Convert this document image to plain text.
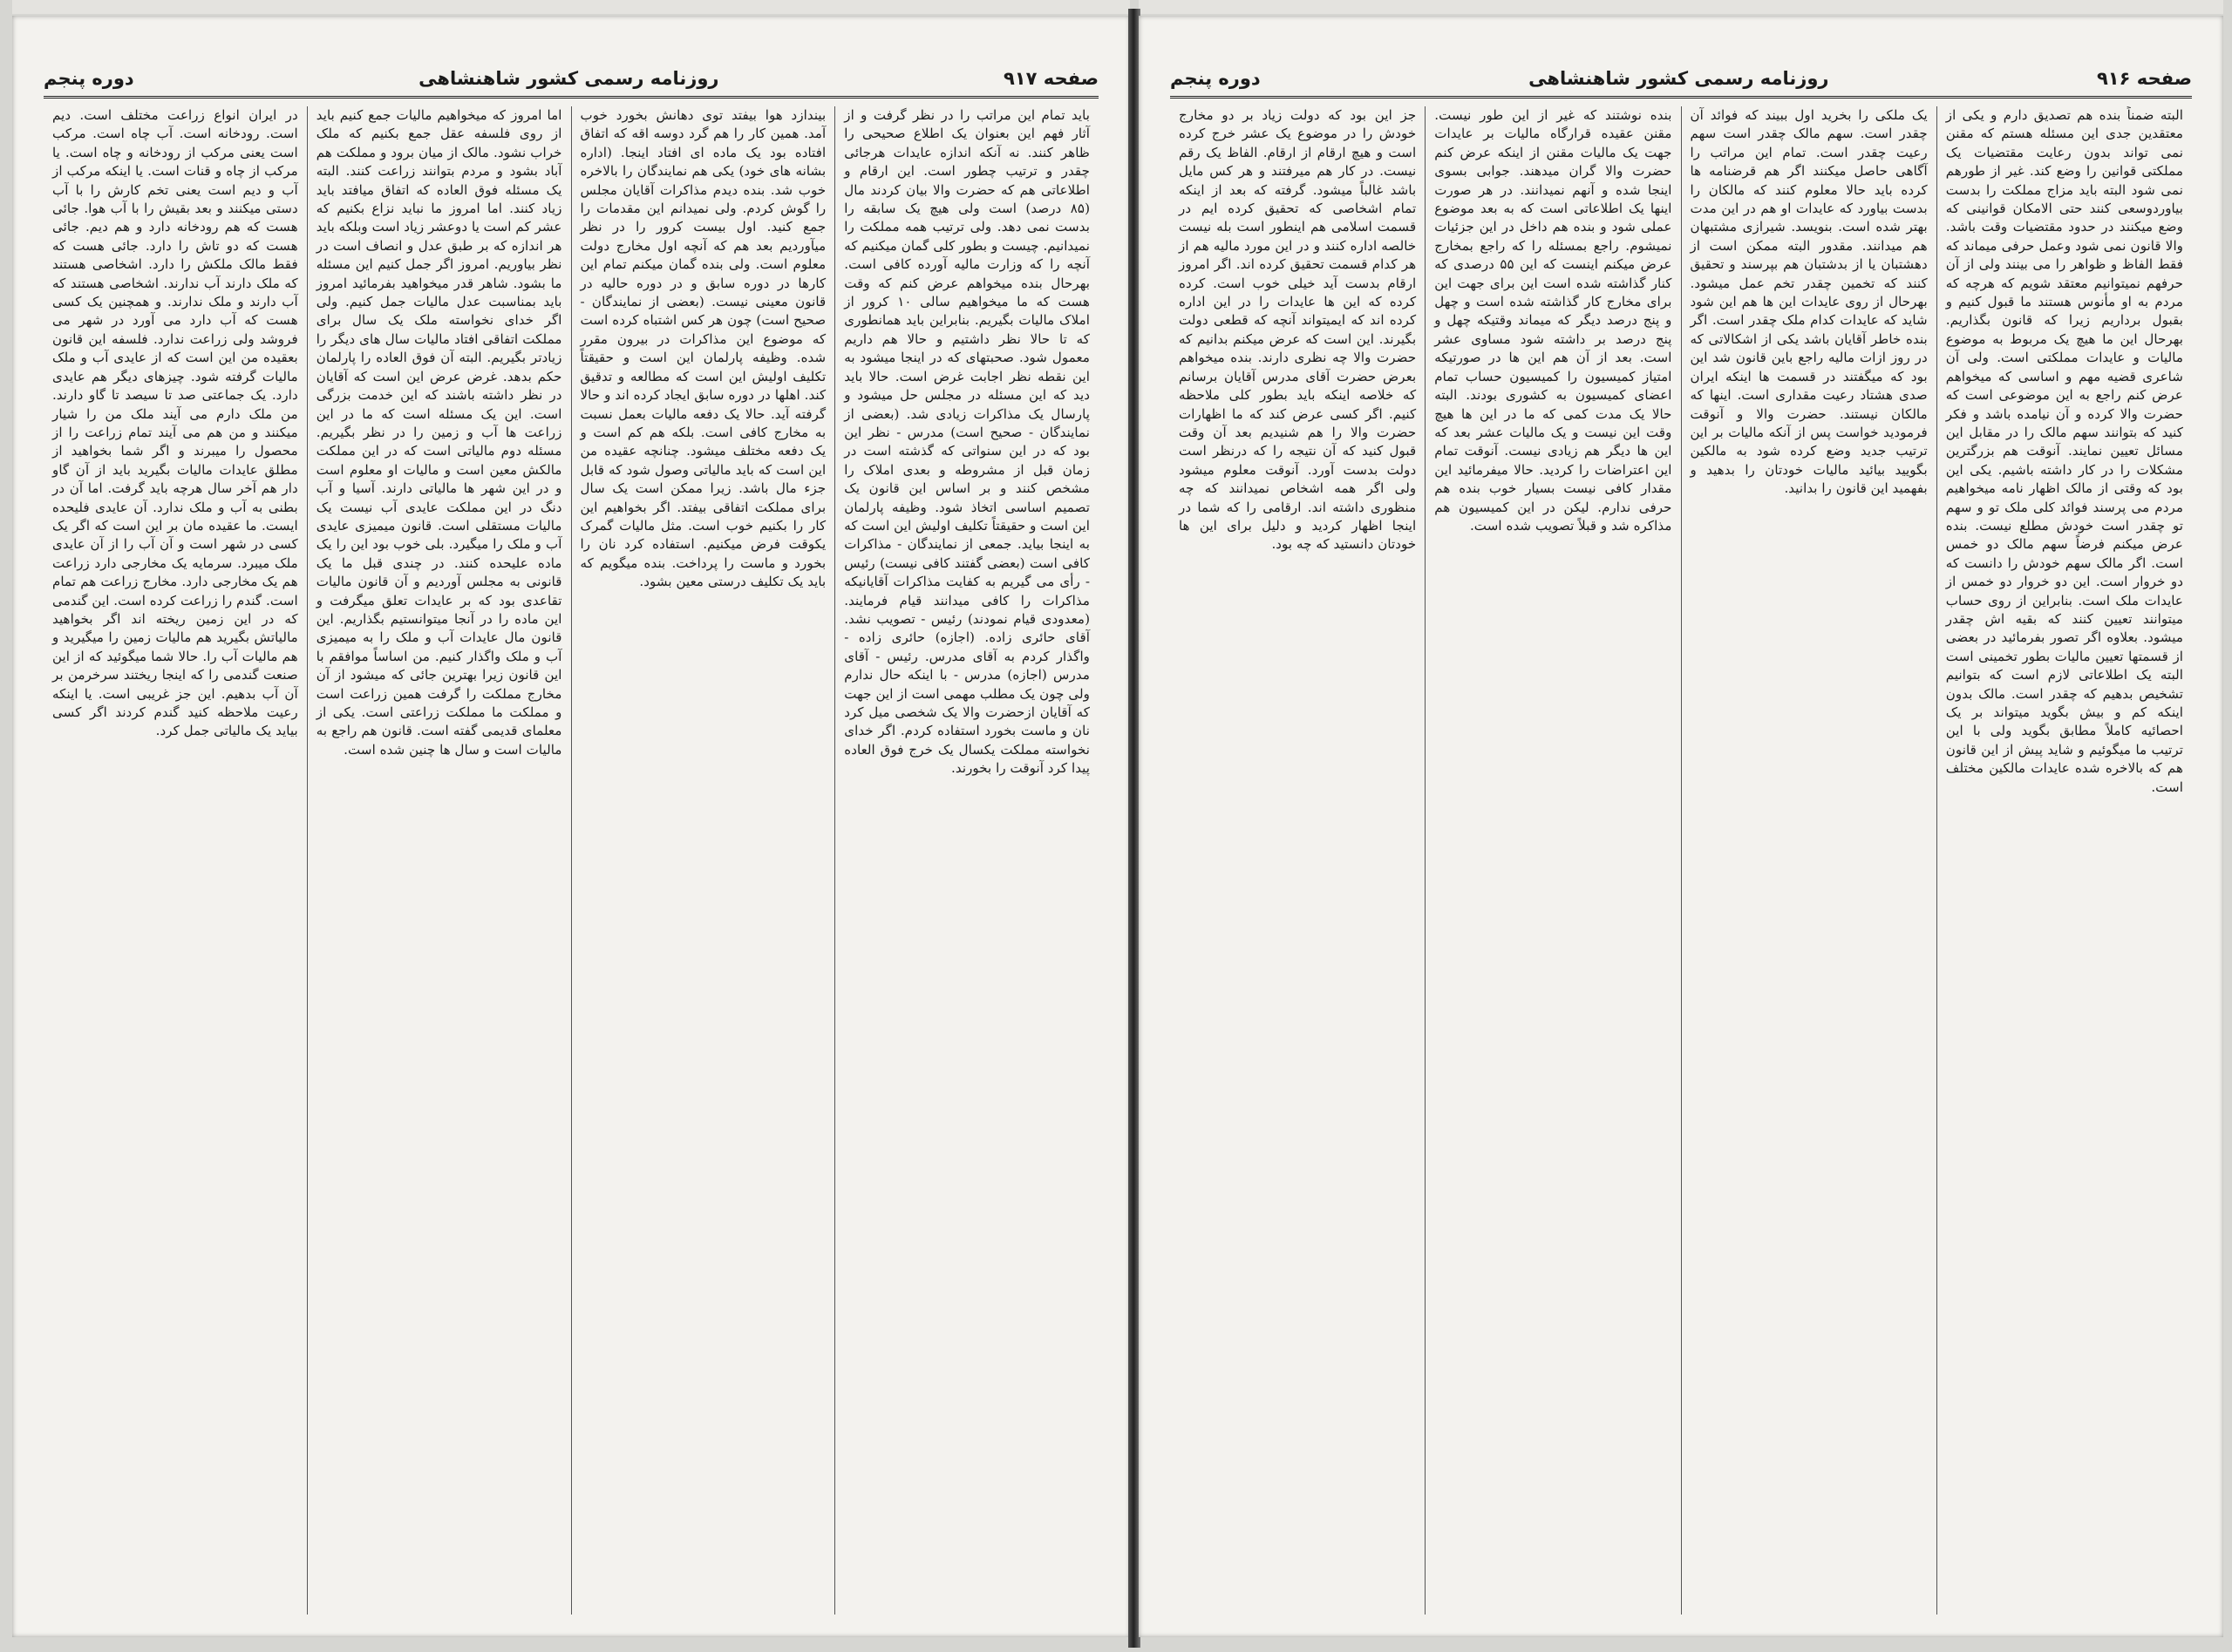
صفحه ۹۱۷
روزنامه رسمی کشور شاهنشاهی
دوره پنجم

باید تمام این مراتب را در نظر گرفت و از آثار فهم این بعنوان یک اطلاع صحیحی را ظاهر کنند. نه آنکه اندازه عایدات هرجائی چقدر و ترتیب چطور است. این ارقام و اطلاعاتی هم که حضرت والا بیان کردند مال (۸۵ درصد) است ولی هیچ یک سابقه را بدست نمی دهد. ولی ترتیب همه مملکت را نمیدانیم. چیست و بطور کلی گمان میکنیم که آنچه را که وزارت مالیه آورده کافی است. بهرحال بنده میخواهم عرض کنم که وقت هست که ما میخواهیم سالی ۱۰ کرور از املاک مالیات بگیریم. بنابراین باید همانطوری که تا حالا نظر داشتیم و حالا هم داریم معمول شود. صحبتهای که در اینجا میشود به این نقطه نظر اجابت غرض است. حالا باید دید که این مسئله در مجلس حل میشود و پارسال یک مذاکرات زیادی شد. (بعضی از نمایندگان - صحیح است) مدرس - نظر این بود که در این سنواتی که گذشته است در زمان قبل از مشروطه و بعدی املاک را مشخص کنند و بر اساس این قانون یک تصمیم اساسی اتخاذ شود. وظیفه پارلمان این است و حقیقتاً تکلیف اولیش این است که به اینجا بیاید. جمعی از نمایندگان - مذاکرات کافی است (بعضی گفتند کافی نیست) رئیس - رأی می گیریم به کفایت مذاکرات آقایانیکه مذاکرات را کافی میدانند قیام فرمایند. (معدودی قیام نمودند) رئیس - تصویب نشد. آقای حائری زاده. (اجازه) حائری زاده - واگذار کردم به آقای مدرس. رئیس - آقای مدرس (اجازه) مدرس - با اینکه حال ندارم ولی چون یک مطلب مهمی است از این جهت که آقایان ازحضرت والا یک شخصی میل کرد نان و ماست بخورد استفاده کردم. اگر خدای نخواسته مملکت یکسال یک خرج فوق العاده پیدا کرد آنوقت را بخورند.

بیندازد هوا بیفتد توی دهانش بخورد خوب آمد. همین کار را هم گرد دوسه اقه که اتفاق افتاده بود یک ماده ای افتاد اینجا. (اداره بشانه های خود) یکی هم نمایندگان را بالاخره خوب شد. بنده دیدم مذاکرات آقایان مجلس را گوش کردم. ولی نمیدانم این مقدمات را جمع کنید. اول بیست کرور را در نظر میآوردیم بعد هم که آنچه اول مخارج دولت معلوم است. ولی بنده گمان میکنم تمام این کارها در دوره سابق و در دوره حالیه در قانون معینی نیست. (بعضی از نمایندگان - صحیح است) چون هر کس اشتباه کرده است که موضوع این مذاکرات در بیرون مقرر شده. وظیفه پارلمان این است و حقیقتاً تکلیف اولیش این است که مطالعه و تدقیق کند. اهلها در دوره سابق ایجاد کرده اند و حالا گرفته آید. حالا یک دفعه مالیات بعمل نسبت به مخارج کافی است. بلکه هم کم است و یک دفعه مختلف میشود. چنانچه عقیده من این است که باید مالیاتی وصول شود که قابل جزء مال باشد. زیرا ممکن است یک سال برای مملکت اتفاقی بیفتد. اگر بخواهیم این کار را بکنیم خوب است. مثل مالیات گمرک یکوقت فرض میکنیم. استفاده کرد نان را بخورد و ماست را پرداخت. بنده میگویم که باید یک تکلیف درستی معین بشود.

اما امروز که میخواهیم مالیات جمع کنیم باید از روی فلسفه عقل جمع بکنیم که ملک خراب نشود. مالک از میان برود و مملکت هم آباد بشود و مردم بتوانند زراعت کنند. البته یک مسئله فوق العاده که اتفاق میافتد باید زیاد کنند. اما امروز ما نباید نزاع بکنیم که عشر کم است یا دوعشر زیاد است وبلکه باید هر اندازه که بر طبق عدل و انصاف است در نظر بیاوریم. امروز اگر جمل کنیم این مسئله ما بشود. شاهر قدر میخواهید بفرمائید امروز باید بمناسبت عدل مالیات جمل کنیم. ولی اگر خدای نخواسته ملک یک سال برای مملکت اتفاقی افتاد مالیات سال های دیگر را زیادتر بگیریم. البته آن فوق العاده را پارلمان حکم بدهد. غرض عرض این است که آقایان در نظر داشته باشند که این خدمت بزرگی است. این یک مسئله است که ما در این زراعت ها آب و زمین را در نظر بگیریم. مسئله دوم مالیاتی است که در این مملکت مالکش معین است و مالیات او معلوم است و در این شهر ها مالیاتی دارند. آسیا و آب دنگ در این مملکت عایدی آب نیست یک مالیات مستقلی است. قانون میمیزی عایدی آب و ملک را میگیرد. بلی خوب بود این را یک ماده علیحده کنند. در چندی قبل ما یک قانونی به مجلس آوردیم و آن قانون مالیات تقاعدی بود که بر عایدات تعلق میگرفت و این ماده را در آنجا میتوانستیم بگذاریم. این قانون مال عایدات آب و ملک را به میمیزی آب و ملک واگذار کنیم. من اساساً موافقم با این قانون زیرا بهترین جائی که میشود از آن مخارج مملکت را گرفت همین زراعت است و مملکت ما مملکت زراعتی است. یکی از معلمای قدیمی گفته است. قانون هم راجع به مالیات است و سال ها چنین شده است.

در ایران انواع زراعت مختلف است. دیم است. رودخانه است. آب چاه است. مرکب است یعنی مرکب از رودخانه و چاه است. یا مرکب از چاه و قنات است. یا اینکه مرکب از آب و دیم است یعنی تخم کارش را با آب دستی میکنند و بعد بقیش را با آب هوا. جائی هست که هم رودخانه دارد و هم دیم. جائی هست که دو تاش را دارد. جائی هست که فقط مالک ملکش را دارد. اشخاصی هستند که ملک دارند آب ندارند. اشخاصی هستند که آب دارند و ملک ندارند. و همچنین یک کسی هست که آب دارد می آورد در شهر می فروشد ولی زراعت ندارد. فلسفه این قانون بعقیده من این است که از عایدی آب و ملک مالیات گرفته شود. چیزهای دیگر هم عایدی دارد. یک جماعتی صد تا سیصد تا گاو دارند. من ملک دارم می آیند ملک من را شیار میکنند و من هم می آیند تمام زراعت را از محصول را میبرند و اگر شما بخواهید از مطلق عایدات مالیات بگیرید باید از آن گاو دار هم آخر سال هرچه باید گرفت. اما آن در بطنی به آب و ملک ندارد. آن عایدی فلیحده ایست. ما عقیده مان بر این است که اگر یک کسی در شهر است و آن آب را از آن عایدی ملک میبرد. سرمایه یک مخارجی دارد زراعت هم یک مخارجی دارد. مخارج زراعت هم تمام است. گندم را زراعت کرده است. این گندمی که در این زمین ریخته اند اگر بخواهید مالیاتش بگیرید هم مالیات زمین را میگیرید و هم مالیات آب را. حالا شما میگوئید که از این صنعت گندمی را که اینجا ریختند سرخرمن بر آن آب بدهیم. این جز غریبی است. یا اینکه رعیت ملاحظه کنید گندم کردند اگر کسی بیاید یک مالیاتی جمل کرد.

صفحه ۹۱۶
روزنامه رسمی کشور شاهنشاهی
دوره پنجم

البته ضمناً بنده هم تصدیق دارم و یکی از معتقدین جدی این مسئله هستم که مقنن نمی تواند بدون رعایت مقتضیات یک مملکتی قوانین را وضع کند. غیر از طورهم نمی شود البته باید مزاج مملکت را بدست بیاوردوسعی کنند حتی الامکان قوانینی که وضع میکنند در حدود مقتضیات وقت باشد. والا قانون نمی شود وعمل حرفی میماند که فقط الفاظ و ظواهر را می بینند ولی از آن حرفهم نمیتوانیم معتقد شویم که هرچه که مردم به او مأنوس هستند ما قبول کنیم و بقبول برداریم زیرا که قانون بگذاریم. بهرحال این ما هیچ یک مربوط به موضوع مالیات و عایدات مملکتی است. ولی آن شاعری قضیه مهم و اساسی که میخواهم عرض کنم راجع به این موضوعی است که حضرت والا کرده و آن نیامده باشد و فکر کنید که بتوانند سهم مالک را در مقابل این مسائل تعیین نمایند. آنوقت هم بزرگترین مشکلات را در کار داشته باشیم. یکی این بود که وقتی از مالک اظهار نامه میخواهیم مردم می پرسند فوائد کلی ملک تو و سهم تو چقدر است خودش مطلع نیست. بنده عرض میکنم فرضاً سهم مالک دو خمس است. اگر مالک سهم خودش را دانست که دو خروار است. این دو خروار دو خمس از عایدات ملک است. بنابراین از روی حساب میتوانند تعیین کنند که بقیه اش چقدر میشود. بعلاوه اگر تصور بفرمائید در بعضی از قسمتها تعیین مالیات بطور تخمینی است البته یک اطلاعاتی لازم است که بتوانیم تشخیص بدهیم که چقدر است. مالک بدون اینکه کم و بیش بگوید میتواند بر یک احصائیه کاملاً مطابق بگوید ولی با این ترتیب ما میگوئیم و شاید پیش از این قانون هم که بالاخره شده عایدات مالکین مختلف است.

یک ملکی را بخرید اول ببیند که فوائد آن چقدر است. سهم مالک چقدر است سهم رعیت چقدر است. تمام این مراتب را آگاهی حاصل میکنند اگر هم قرضنامه ها کرده باید حالا معلوم کنند که مالکان را بدست بیاورد که عایدات او هم در این مدت بهتر شده است. بنویسد. شیرازی مشتبهان هم میدانند. مقدور البته ممکن است از دهشتبان یا از بدشتبان هم بپرسند و تحقیق کنند که تخمین چقدر تخم عمل میشود. بهرحال از روی عایدات این ها هم این شود شاید که عایدات کدام ملک چقدر است. اگر بنده خاطر آقایان باشد یکی از اشکالاتی که در روز ازات مالیه راجع باین قانون شد این بود که میگفتند در قسمت ها اینکه ایران صدی هشتاد رعیت مقداری است. اینها که مالکان نیستند. حضرت والا و آنوقت فرمودید خواست پس از آنکه مالیات بر این ترتیب جدید وضع کرده شود به مالکین بگویید بیائید مالیات خودتان را بدهید و بفهمید این قانون را بدانید.

بنده نوشتند که غیر از این طور نیست. مقنن عقیده قرارگاه مالیات بر عایدات جهت یک مالیات مقنن از اینکه عرض کنم حضرت والا گران میدهند. جوابی بسوی اینجا شده و آنهم نمیدانند. در هر صورت اینها یک اطلاعاتی است که به بعد موضوع عملی شود و بنده هم داخل در این جزئیات نمیشوم. راجع بمسئله را که راجع بمخارج عرض میکنم اینست که این ۵۵ درصدی که کنار گذاشته شده است این برای جهت این برای مخارج کار گذاشته شده است و چهل و پنج درصد دیگر که میماند وقتیکه چهل و پنج درصد بر داشته شود مساوی عشر است. بعد از آن هم این ها در صورتیکه امتیاز کمیسیون را کمیسیون حساب تمام اعضای کمیسیون به کشوری بودند. البته حالا یک مدت کمی که ما در این ها هیچ وقت این نیست و یک مالیات عشر بعد که این ها دیگر هم زیادی نیست. آنوقت تمام این اعتراضات را کردید. حالا میفرمائید این مقدار کافی نیست بسیار خوب بنده هم حرفی ندارم. لیکن در این کمیسیون هم مذاکره شد و قبلاً تصویب شده است.

جز این بود که دولت زیاد بر دو مخارج خودش را در موضوع یک عشر خرج کرده است و هیچ ارقام از ارقام. الفاظ یک رقم نیست. در کار هم میرفتند و هر کس مایل باشد غالباً میشود. گرفته که بعد از اینکه تمام اشخاصی که تحقیق کرده ایم در قسمت اسلامی هم اینطور است بله نیست خالصه اداره کنند و در این مورد مالیه هم از هر کدام قسمت تحقیق کرده اند. اگر امروز ارقام بدست آید خیلی خوب است. کرده کرده که این ها عایدات را در این اداره کرده اند که ایمیتواند آنچه که قطعی دولت بگیرند. این است که عرض میکنم بدانیم که حضرت والا چه نظری دارند. بنده میخواهم بعرض حضرت آقای مدرس آقایان برسانم که خلاصه اینکه باید بطور کلی ملاحظه کنیم. اگر کسی عرض کند که ما اظهارات حضرت والا را هم شنیدیم بعد آن وقت قبول کنید که آن نتیجه را که درنظر است دولت بدست آورد. آنوقت معلوم میشود ولی اگر همه اشخاص نمیدانند که چه منظوری داشته اند. ارقامی را که شما در اینجا اظهار کردید و دلیل برای این ها خودتان دانستید که چه بود.
